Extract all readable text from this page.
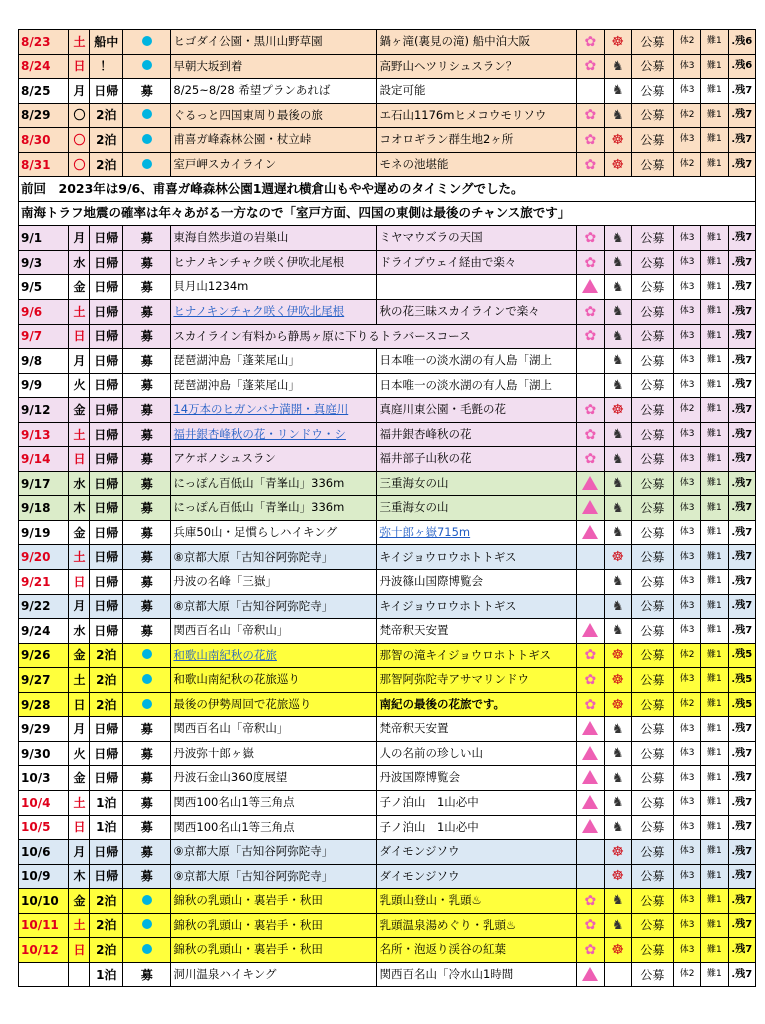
8/23	土	船中		ヒゴダイ公園・黒川山野草園	鍋ヶ滝(裏見の滝) 船中泊大阪	✿	☸	公募	体2	難1	.残6
8/24	日	！		早朝大坂到着	高野山ヘツリシュスラン？	✿	♞	公募	体3	難1	.残6
8/25	月	日帰	募	8/25~8/28 希望プランあれば	設定可能		♞	公募	体3	難1	.残7
8/29	〇	2泊		ぐるっと四国東周り最後の旅	エ石山1176mヒメコウモリソウ	✿	♞	公募	体2	難1	.残7
8/30	〇	2泊		甫喜ガ峰森林公園・杖立峠	コオロギラン群生地2ヶ所	✿	☸	公募	体3	難1	.残7
8/31	〇	2泊		室戸岬スカイライン	モネの池堪能	✿	☸	公募	体2	難1	.残7
前回　2023年は9/6、甫喜ガ峰森林公園1週遅れ横倉山もやや遅めのタイミングでした。											
南海トラフ地震の確率は年々あがる一方なので「室戸方面、四国の東側は最後のチャンス旅です」											
9/1	月	日帰	募	東海自然歩道の岩巣山	ミヤマウズラの天国	✿	♞	公募	体3	難1	.残7
9/3	水	日帰	募	ヒナノキンチャク咲く伊吹北尾根	ドライブウェイ経由で楽々	✿	♞	公募	体3	難1	.残7
9/5	金	日帰	募	貝月山1234m			♞	公募	体3	難1	.残7
9/6	土	日帰	募	ヒナノキンチャク咲く伊吹北尾根	秋の花三昧スカイラインで楽々	✿	♞	公募	体3	難1	.残7
9/7	日	日帰	募	スカイライン有料から静馬ヶ原に下りるトラバースコース		✿	♞	公募	体3	難1	.残7
9/8	月	日帰	募	琵琶湖沖島「蓬莱尾山」	日本唯一の淡水湖の有人島「湖上		♞	公募	体3	難1	.残7
9/9	火	日帰	募	琵琶湖沖島「蓬莱尾山」	日本唯一の淡水湖の有人島「湖上		♞	公募	体3	難1	.残7
9/12	金	日帰	募	14万本のヒガンバナ満開・真庭川	真庭川東公園・毛氈の花	✿	☸	公募	体2	難1	.残7
9/13	土	日帰	募	福井銀杏峰秋の花・リンドウ・シ	福井銀杏峰秋の花	✿	♞	公募	体3	難1	.残7
9/14	日	日帰	募	アケボノシュスラン	福井部子山秋の花	✿	♞	公募	体3	難1	.残7
9/17	水	日帰	募	にっぽん百低山「青峯山」336m	三重海女の山		♞	公募	体3	難1	.残7
9/18	木	日帰	募	にっぽん百低山「青峯山」336m	三重海女の山		♞	公募	体3	難1	.残7
9/19	金	日帰	募	兵庫50山・足慣らしハイキング	弥十郎ヶ嶽715m		♞	公募	体3	難1	.残7
9/20	土	日帰	募	⑧京都大原「古知谷阿弥陀寺」	キイジョウロウホトトギス		☸	公募	体3	難1	.残7
9/21	日	日帰	募	丹波の名峰「三嶽」	丹波篠山国際博覧会		♞	公募	体3	難1	.残7
9/22	月	日帰	募	⑧京都大原「古知谷阿弥陀寺」	キイジョウロウホトトギス		♞	公募	体3	難1	.残7
9/24	水	日帰	募	関西百名山「帝釈山」	梵帝釈天安置		♞	公募	体3	難1	.残7
9/26	金	2泊		和歌山南紀秋の花旅	那智の滝キイジョウロホトトギス	✿	☸	公募	体2	難1	.残5
9/27	土	2泊		和歌山南紀秋の花旅巡り	那智阿弥陀寺アサマリンドウ	✿	☸	公募	体3	難1	.残5
9/28	日	2泊		最後の伊勢周回で花旅巡り	南紀の最後の花旅です。	✿	☸	公募	体2	難1	.残5
9/29	月	日帰	募	関西百名山「帝釈山」	梵帝釈天安置		♞	公募	体3	難1	.残7
9/30	火	日帰	募	丹波弥十郎ヶ嶽	人の名前の珍しい山		♞	公募	体3	難1	.残7
10/3	金	日帰	募	丹波石金山360度展望	丹波国際博覧会		♞	公募	体3	難1	.残7
10/4	土	1泊	募	関西100名山1等三角点	子ノ泊山　1山必中		♞	公募	体3	難1	.残7
10/5	日	1泊	募	関西100名山1等三角点	子ノ泊山　1山必中		♞	公募	体3	難1	.残7
10/6	月	日帰	募	⑨京都大原「古知谷阿弥陀寺」	ダイモンジソウ		☸	公募	体3	難1	.残7
10/9	木	日帰	募	⑨京都大原「古知谷阿弥陀寺」	ダイモンジソウ		☸	公募	体3	難1	.残7
10/10	金	2泊		錦秋の乳頭山・裏岩手・秋田	乳頭山登山・乳頭♨	✿	♞	公募	体3	難1	.残7
10/11	土	2泊		錦秋の乳頭山・裏岩手・秋田	乳頭温泉湯めぐり・乳頭♨	✿	♞	公募	体3	難1	.残7
10/12	日	2泊		錦秋の乳頭山・裏岩手・秋田	名所・泡返り渓谷の紅葉	✿	☸	公募	体3	難1	.残7
		1泊	募	洞川温泉ハイキング	関西百名山「冷水山1時間			公募	体2	難1	.残7
